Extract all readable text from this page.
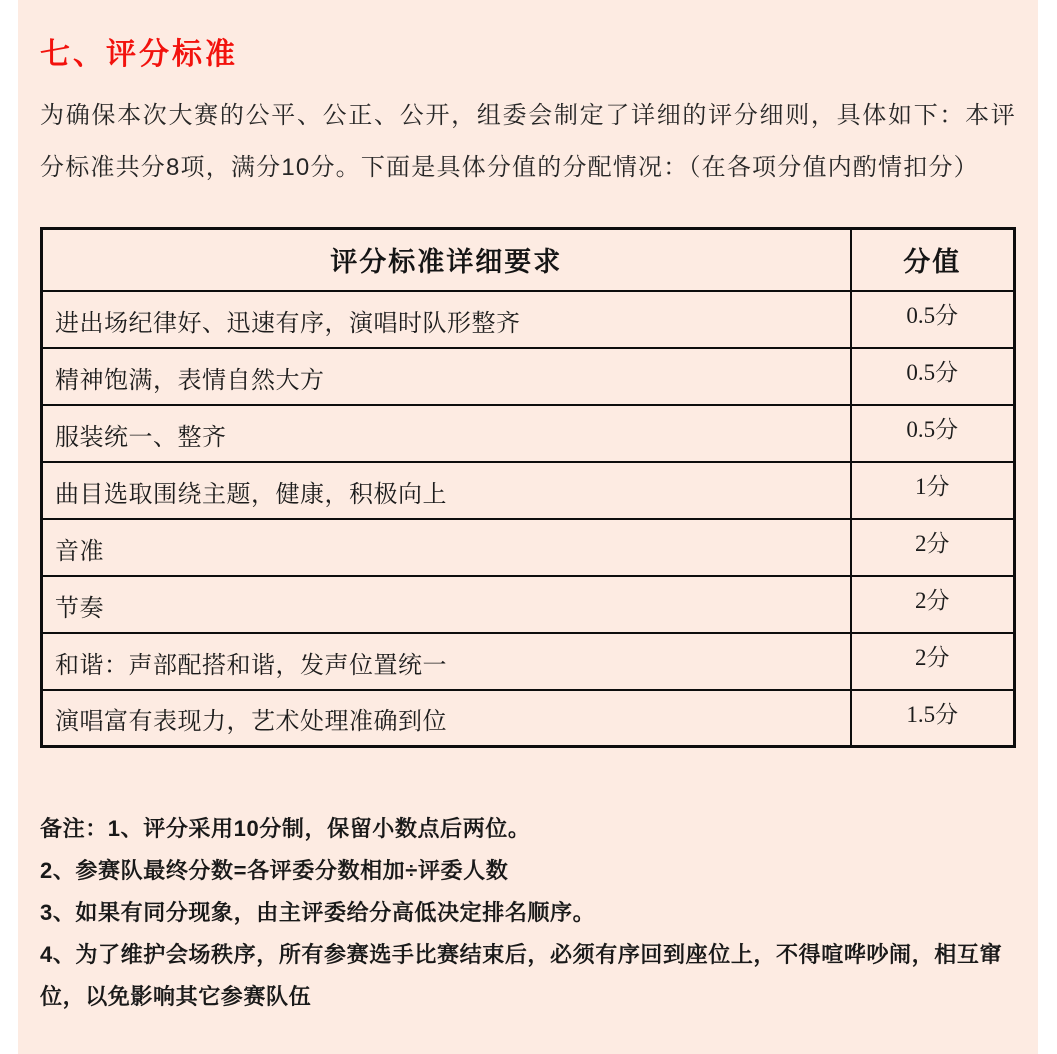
七、评分标准

为确保本次大赛的公平、公正、公开，组委会制定了详细的评分细则，具体如下：本评分标准共分8项，满分10分。下面是具体分值的分配情况：（在各项分值内酌情扣分）

评分标准详细要求	分值
进出场纪律好、迅速有序，演唱时队形整齐	0.5分
精神饱满，表情自然大方	0.5分
服装统一、整齐	0.5分
曲目选取围绕主题，健康，积极向上	1分
音准	2分
节奏	2分
和谐：声部配搭和谐，发声位置统一	2分
演唱富有表现力，艺术处理准确到位	1.5分

备注：1、评分采用10分制，保留小数点后两位。

2、参赛队最终分数=各评委分数相加÷评委人数

3、如果有同分现象，由主评委给分高低决定排名顺序。

4、为了维护会场秩序，所有参赛选手比赛结束后，必须有序回到座位上，不得喧哗吵闹，相互窜位，以免影响其它参赛队伍
